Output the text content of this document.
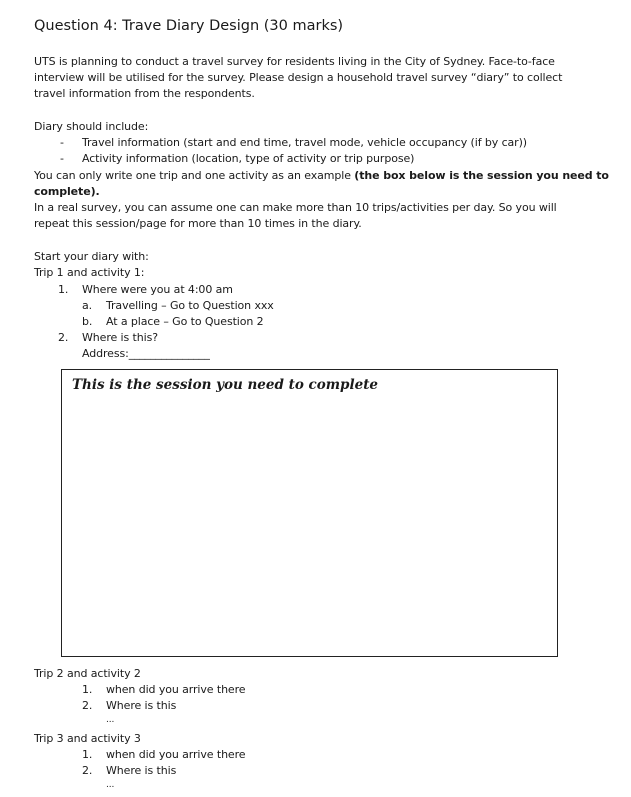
Question 4: Trave Diary Design (30 marks)
UTS is planning to conduct a travel survey for residents living in the City of Sydney. Face-to-face
interview will be utilised for the survey. Please design a household travel survey “diary” to collect
travel information from the respondents.
Diary should include:
- Travel information (start and end time, travel mode, vehicle occupancy (if by car))
- Activity information (location, type of activity or trip purpose)
You can only write one trip and one activity as an example (the box below is the session you need to
complete).
In a real survey, you can assume one can make more than 10 trips/activities per day. So you will
repeat this session/page for more than 10 times in the diary.
Start your diary with:
Trip 1 and activity 1:
1. Where were you at 4:00 am
a. Travelling – Go to Question xxx
b. At a place – Go to Question 2
2. Where is this?
Address:_______________
This is the session you need to complete
Trip 2 and activity 2
1. when did you arrive there
2. Where is this
...
Trip 3 and activity 3
1. when did you arrive there
2. Where is this
...
